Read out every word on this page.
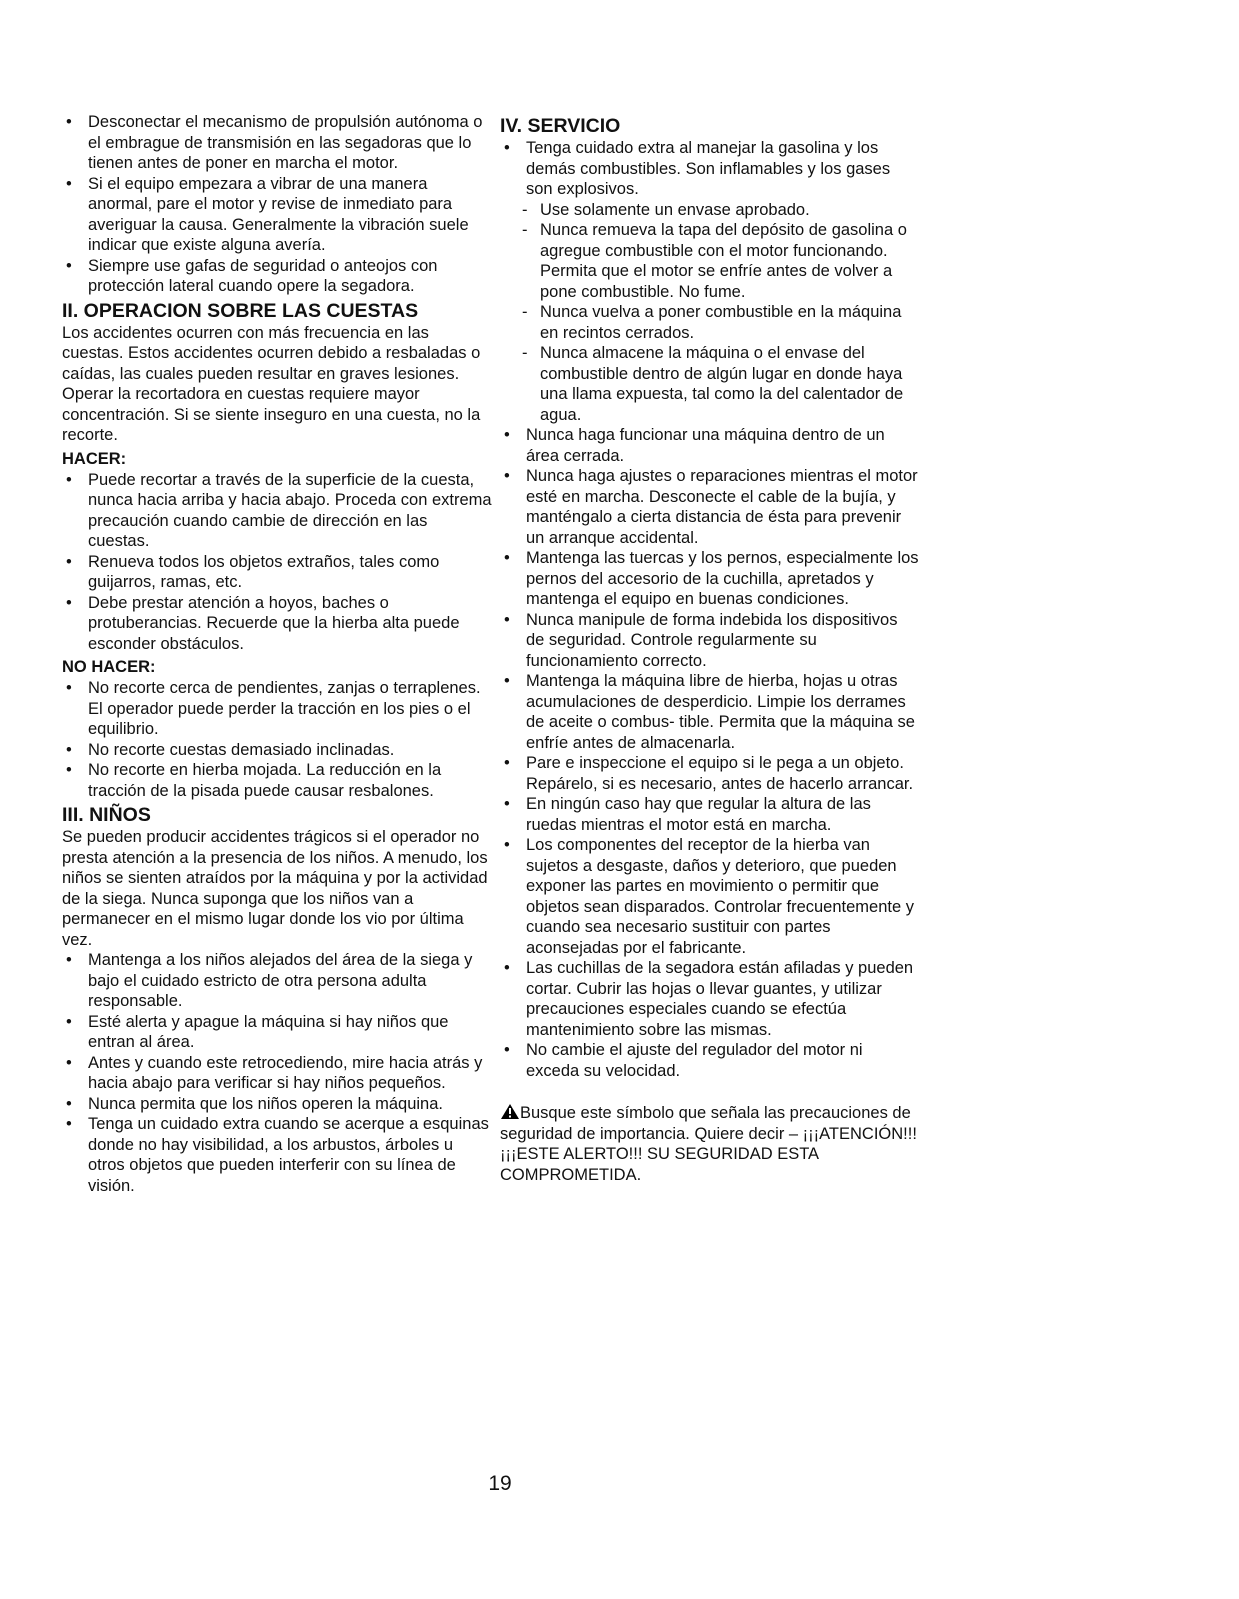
• Desconectar el mecanismo de propulsión autónoma o el embrague de transmisión en las segadoras que lo tienen antes de poner en marcha el motor.
• Si el equipo empezara a vibrar de una manera anormal, pare el motor y revise de inmediato para averiguar la causa. Generalmente la vibración suele indicar que existe alguna avería.
• Siempre use gafas de seguridad o anteojos con protección lateral cuando opere la segadora.
II. OPERACION SOBRE LAS CUESTAS

Los accidentes ocurren con más frecuencia en las cuestas. Estos accidentes ocurren debido a resbaladas o caídas, las cuales pueden resultar en graves lesiones. Operar la recortadora en cuestas requiere mayor concentración. Si se siente inseguro en una cuesta, no la recorte.

HACER:
• Puede recortar a través de la superficie de la cuesta, nunca hacia arriba y hacia abajo. Proceda con extrema precaución cuando cambie de dirección en las cuestas.
• Renueva todos los objetos extraños, tales como guijarros, ramas, etc.
• Debe prestar atención a hoyos, baches o protuberancias. Recuerde que la hierba alta puede esconder obstáculos.
NO HACER:
• No recorte cerca de pendientes, zanjas o terraplenes. El operador puede perder la tracción en los pies o el equilibrio.
• No recorte cuestas demasiado inclinadas.
• No recorte en hierba mojada. La reducción en la tracción de la pisada puede causar resbalones.
III. NIÑOS

Se pueden producir accidentes trágicos si el operador no presta atención a la presencia de los niños. A menudo, los niños se sienten atraídos por la máquina y por la actividad de la siega. Nunca suponga que los niños van a permanecer en el mismo lugar donde los vio por última vez.

• Mantenga a los niños alejados del área de la siega y bajo el cuidado estricto de otra persona adulta responsable.
• Esté alerta y apague la máquina si hay niños que entran al área.
• Antes y cuando este retrocediendo, mire hacia atrás y hacia abajo para verificar si hay niños pequeños.
• Nunca permita que los niños operen la máquina.
• Tenga un cuidado extra cuando se acerque a esquinas donde no hay visibilidad, a los arbustos, árboles u otros objetos que pueden interferir con su línea de visión.
IV. SERVICIO
• Tenga cuidado extra al manejar la gasolina y los demás combustibles. Son inflamables y los gases son explosivos.
- Use solamente un envase aprobado.
- Nunca remueva la tapa del depósito de gasolina o agregue combustible con el motor funcionando. Permita que el motor se enfríe antes de volver a pone combustible. No fume.
- Nunca vuelva a poner combustible en la máquina en recintos cerrados.
- Nunca almacene la máquina o el envase del combustible dentro de algún lugar en donde haya una llama expuesta, tal como la del calentador de agua.
• Nunca haga funcionar una máquina dentro de un área cerrada.
• Nunca haga ajustes o reparaciones mientras el motor esté en marcha. Desconecte el cable de la bujía, y manténgalo a cierta distancia de ésta para prevenir un arranque accidental.
• Mantenga las tuercas y los pernos, especialmente los pernos del accesorio de la cuchilla, apretados y mantenga el equipo en buenas condiciones.
• Nunca manipule de forma indebida los dispositivos de seguridad. Controle regularmente su funcionamiento correcto.
• Mantenga la máquina libre de hierba, hojas u otras acumulaciones de desperdicio. Limpie los derrames de aceite o combus- tible. Permita que la máquina se enfríe antes de almacenarla.
• Pare e inspeccione el equipo si le pega a un objeto. Repárelo, si es necesario, antes de hacerlo arrancar.
• En ningún caso hay que regular la altura de las ruedas mientras el motor está en marcha.
• Los componentes del receptor de la hierba van sujetos a desgaste, daños y deterioro, que pueden exponer las partes en movimiento o permitir que objetos sean disparados. Controlar frecuentemente y cuando sea necesario sustituir con partes aconsejadas por el fabricante.
• Las cuchillas de la segadora están afiladas y pueden cortar. Cubrir las hojas o llevar guantes, y utilizar precauciones especiales cuando se efectúa mantenimiento sobre las mismas.
• No cambie el ajuste del regulador del motor ni exceda su velocidad.

Busque este símbolo que señala las precauciones de seguridad de importancia. Quiere decir – ¡¡¡ATENCIÓN!!!¡¡¡ESTE ALERTO!!! SU SEGURIDAD ESTA COMPROMETIDA.

19
